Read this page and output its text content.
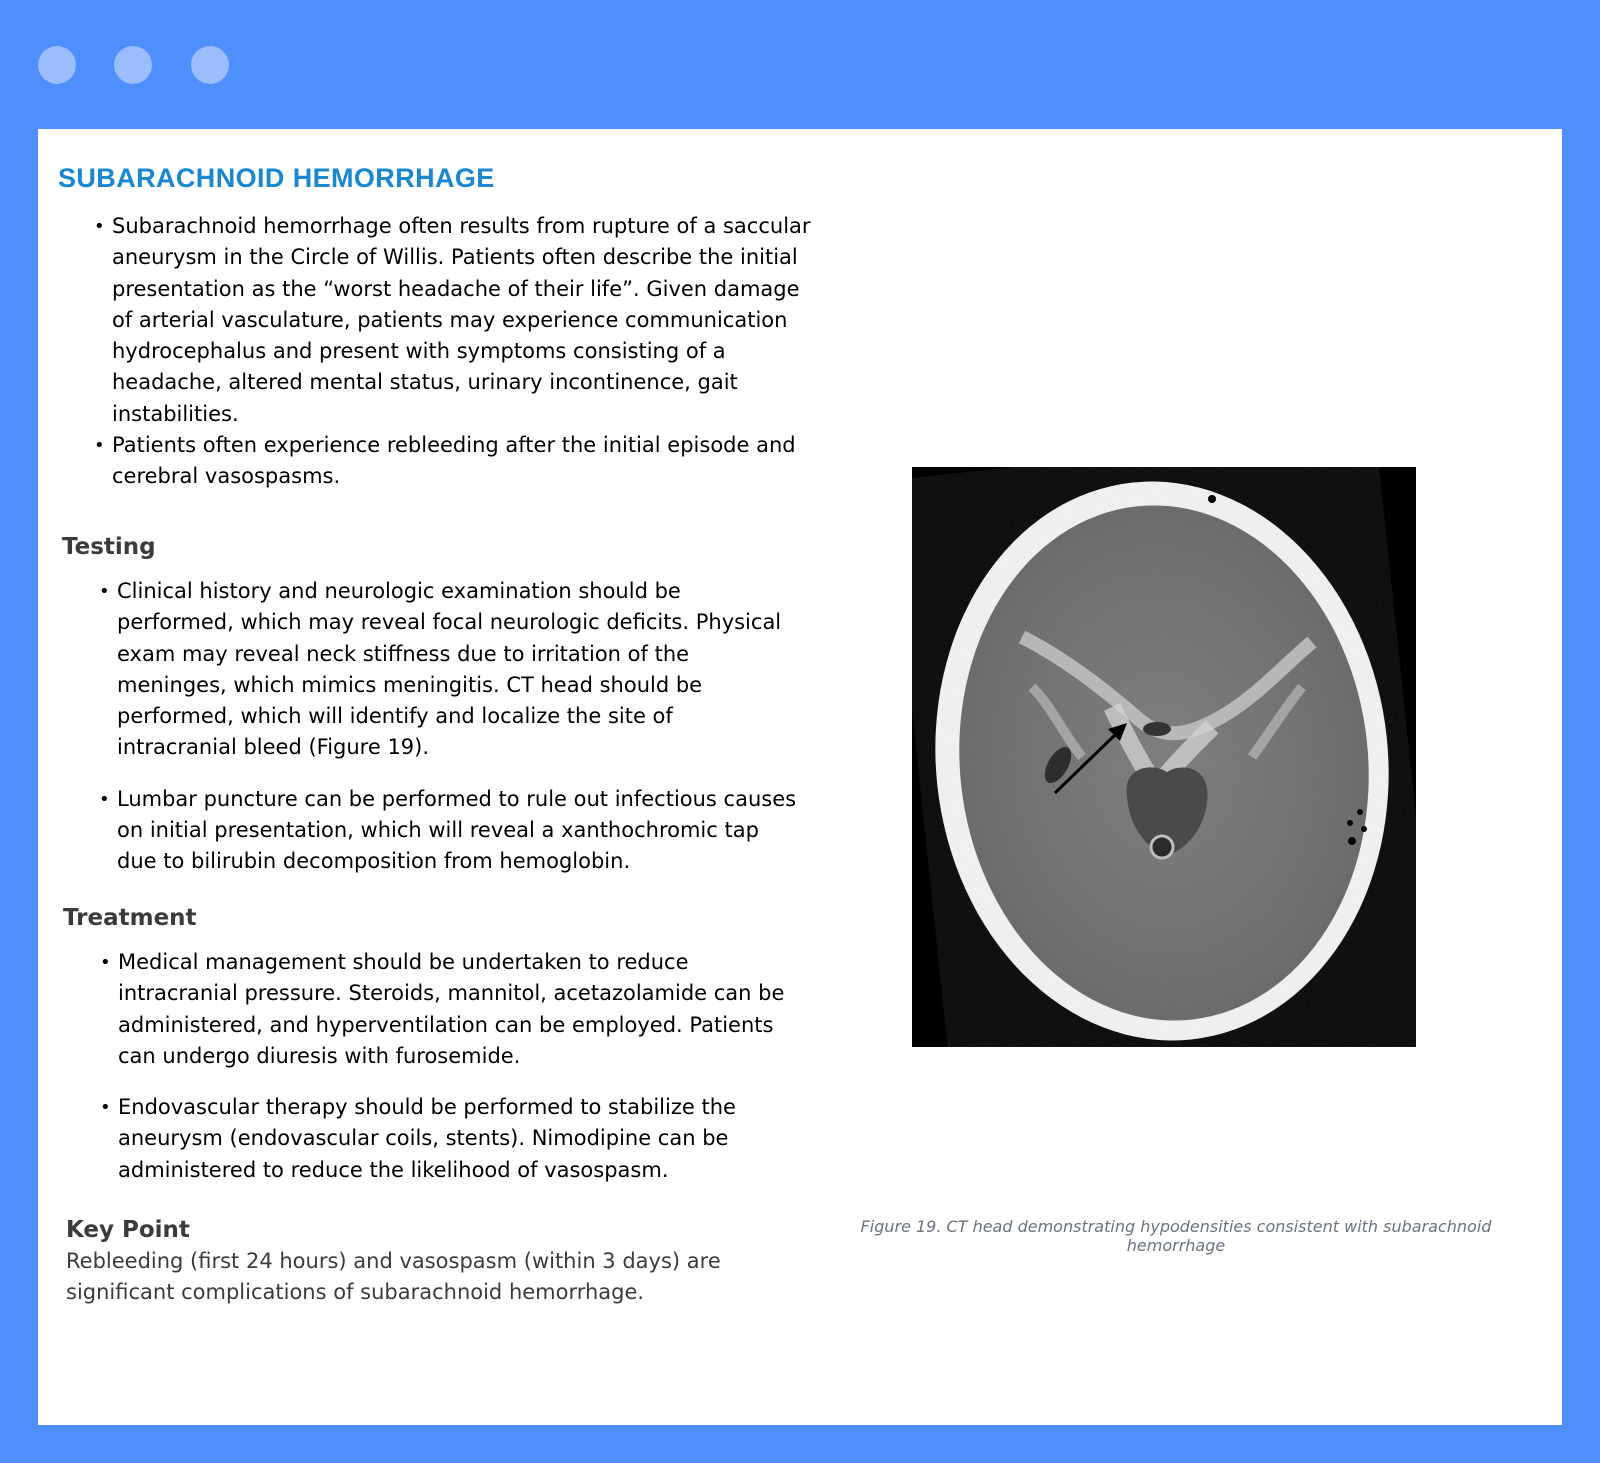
SUBARACHNOID HEMORRHAGE
• Subarachnoid hemorrhage often results from rupture of a saccular aneurysm in the Circle of Willis. Patients often describe the initial presentation as the “worst headache of their life”. Given damage of arterial vasculature, patients may experience communication hydrocephalus and present with symptoms consisting of a headache, altered mental status, urinary incontinence, gait instabilities.
• Patients often experience rebleeding after the initial episode and cerebral vasospasms.
Testing
• Clinical history and neurologic examination should be performed, which may reveal focal neurologic deficits. Physical exam may reveal neck stiffness due to irritation of the meninges, which mimics meningitis. CT head should be performed, which will identify and localize the site of intracranial bleed (Figure 19).
• Lumbar puncture can be performed to rule out infectious causes on initial presentation, which will reveal a xanthochromic tap due to bilirubin decomposition from hemoglobin.
Treatment
• Medical management should be undertaken to reduce intracranial pressure. Steroids, mannitol, acetazolamide can be administered, and hyperventilation can be employed. Patients can undergo diuresis with furosemide.
• Endovascular therapy should be performed to stabilize the aneurysm (endovascular coils, stents). Nimodipine can be administered to reduce the likelihood of vasospasm.
Key Point

Rebleeding (first 24 hours) and vasospasm (within 3 days) are significant complications of subarachnoid hemorrhage.

Figure 19. CT head demonstrating hypodensities consistent with subarachnoid hemorrhage
